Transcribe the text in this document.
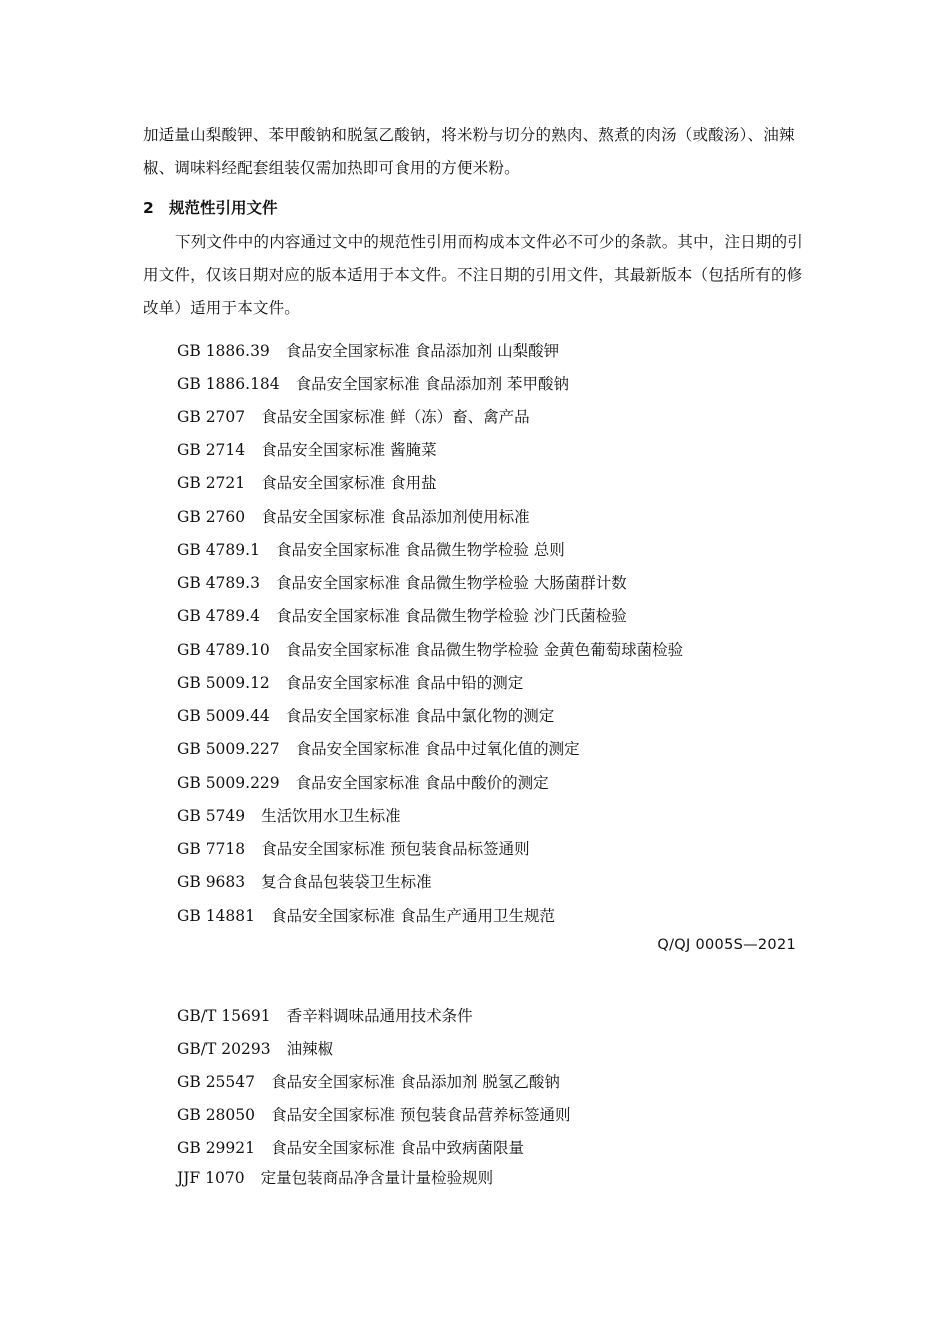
加适量山梨酸钾、苯甲酸钠和脱氢乙酸钠，将米粉与切分的熟肉、熬煮的肉汤（或酸汤）、油辣椒、调味料经配套组装仅需加热即可食用的方便米粉。

2 规范性引用文件

下列文件中的内容通过文中的规范性引用而构成本文件必不可少的条款。其中，注日期的引用文件，仅该日期对应的版本适用于本文件。不注日期的引用文件，其最新版本（包括所有的修改单）适用于本文件。

GB 1886.39 食品安全国家标准 食品添加剂 山梨酸钾
GB 1886.184 食品安全国家标准 食品添加剂 苯甲酸钠
GB 2707 食品安全国家标准 鲜（冻）畜、禽产品
GB 2714 食品安全国家标准 酱腌菜
GB 2721 食品安全国家标准 食用盐
GB 2760 食品安全国家标准 食品添加剂使用标准
GB 4789.1 食品安全国家标准 食品微生物学检验 总则
GB 4789.3 食品安全国家标准 食品微生物学检验 大肠菌群计数
GB 4789.4 食品安全国家标准 食品微生物学检验 沙门氏菌检验
GB 4789.10 食品安全国家标准 食品微生物学检验 金黄色葡萄球菌检验
GB 5009.12 食品安全国家标准 食品中铅的测定
GB 5009.44 食品安全国家标准 食品中氯化物的测定
GB 5009.227 食品安全国家标准 食品中过氧化值的测定
GB 5009.229 食品安全国家标准 食品中酸价的测定
GB 5749 生活饮用水卫生标准
GB 7718 食品安全国家标准 预包装食品标签通则
GB 9683 复合食品包装袋卫生标准
GB 14881 食品安全国家标准 食品生产通用卫生规范
Q/QJ 0005S—2021
GB/T 15691 香辛料调味品通用技术条件
GB/T 20293 油辣椒
GB 25547 食品安全国家标准 食品添加剂 脱氢乙酸钠
GB 28050 食品安全国家标准 预包装食品营养标签通则
GB 29921 食品安全国家标准 食品中致病菌限量
JJF 1070 定量包装商品净含量计量检验规则
